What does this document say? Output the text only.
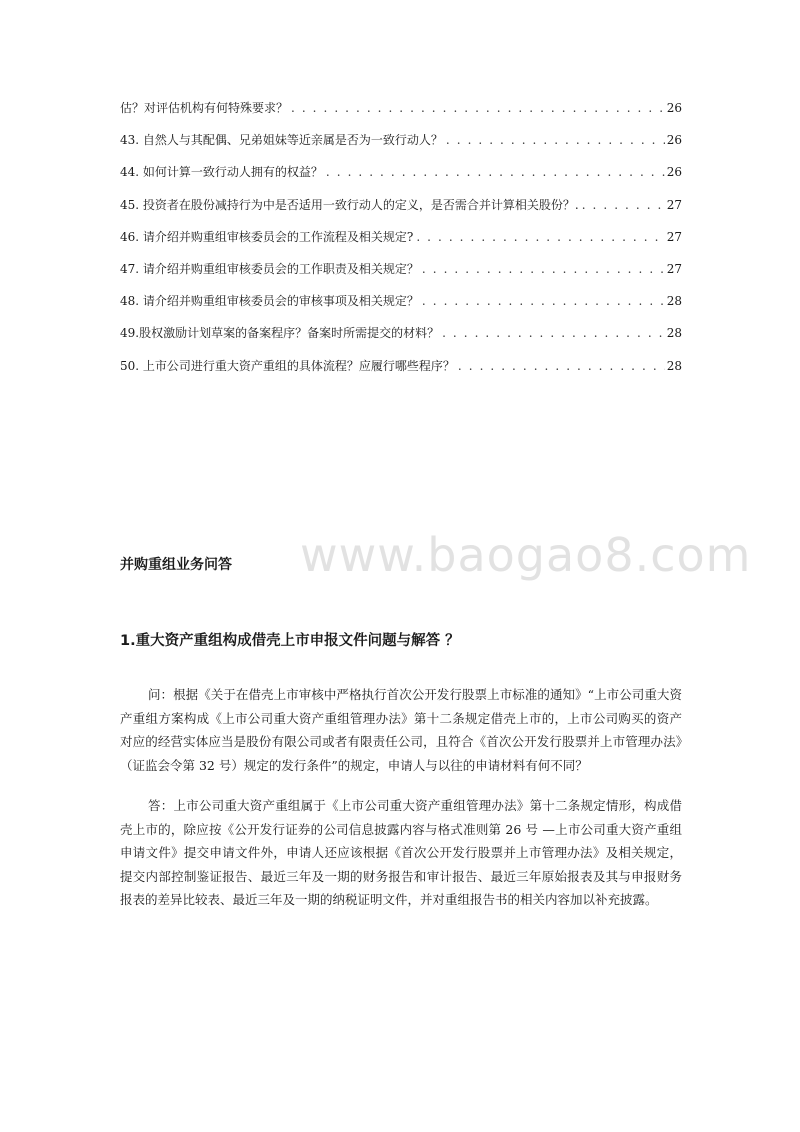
估？对评估机构有何特殊要求？ . . .	26
43. 自然人与其配偶、兄弟姐妹等近亲属是否为一致行动人？ . . .	26
44. 如何计算一致行动人拥有的权益？ . . .	26
45. 投资者在股份减持行为中是否适用一致行动人的定义，是否需合并计算相关股份？. . . .	27
46. 请介绍并购重组审核委员会的工作流程及相关规定? . . .	27
47. 请介绍并购重组审核委员会的工作职责及相关规定？ . . .	27
48. 请介绍并购重组审核委员会的审核事项及相关规定？ . . .	28
49.股权激励计划草案的备案程序？备案时所需提交的材料？ . . .	28
50. 上市公司进行重大资产重组的具体流程？应履行哪些程序？ . . .	28
www.baogao8.com
并购重组业务问答
1.重大资产重组构成借壳上市申报文件问题与解答 ？

问：根据《关于在借壳上市审核中严格执行首次公开发行股票上市标准的通知》“上市公司重大资产重组方案构成《上市公司重大资产重组管理办法》第十二条规定借壳上市的，上市公司购买的资产对应的经营实体应当是股份有限公司或者有限责任公司，且符合《首次公开发行股票并上市管理办法》（证监会令第 32 号）规定的发行条件”的规定，申请人与以往的申请材料有何不同？

答：上市公司重大资产重组属于《上市公司重大资产重组管理办法》第十二条规定情形，构成借壳上市的，除应按《公开发行证券的公司信息披露内容与格式准则第 26 号 —上市公司重大资产重组申请文件》提交申请文件外，申请人还应该根据《首次公开发行股票并上市管理办法》及相关规定，提交内部控制鉴证报告、最近三年及一期的财务报告和审计报告、最近三年原始报表及其与申报财务报表的差异比较表、最近三年及一期的纳税证明文件，并对重组报告书的相关内容加以补充披露。
